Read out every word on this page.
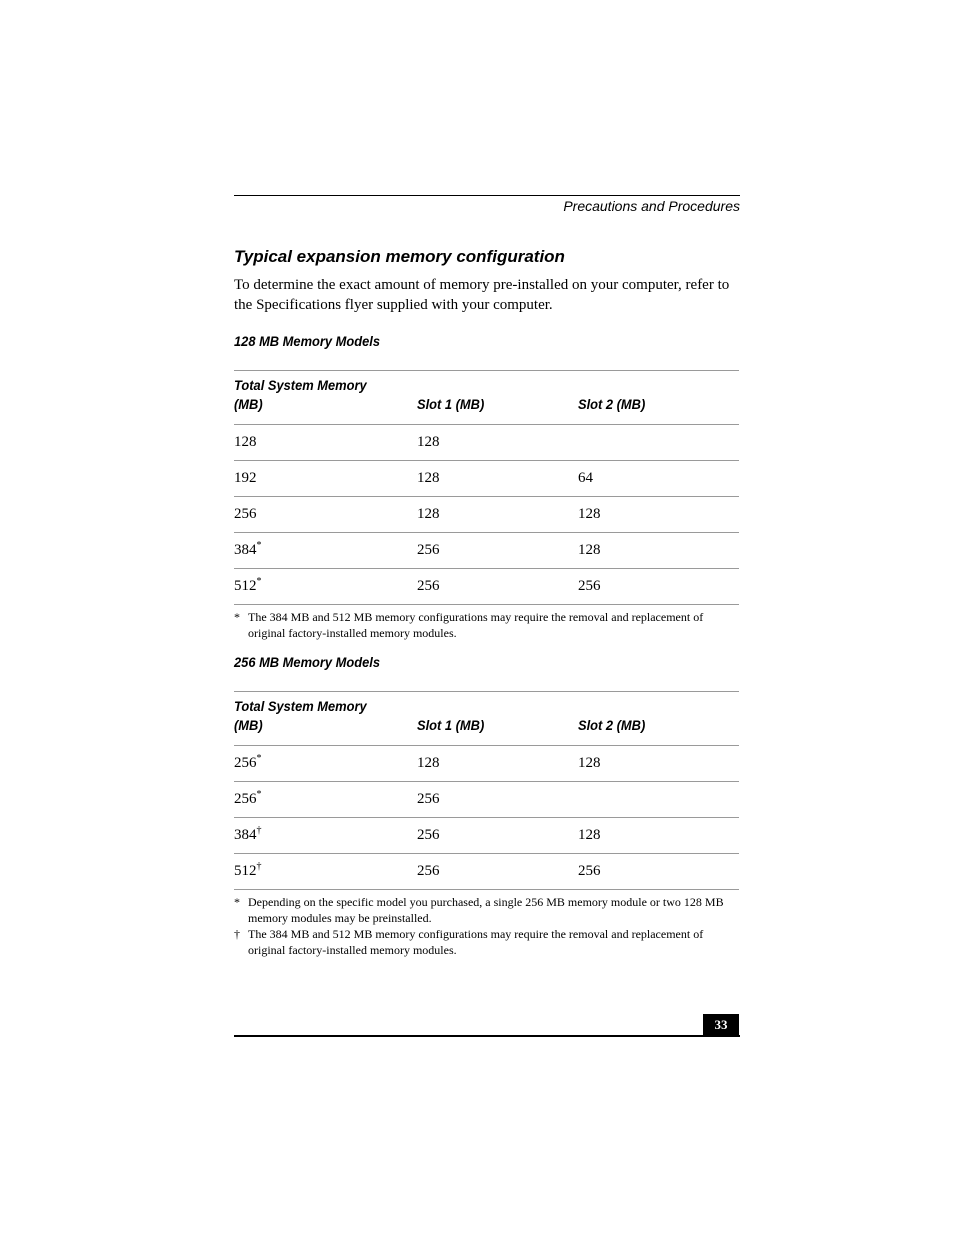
Precautions and Procedures
Typical expansion memory configuration

To determine the exact amount of memory pre-installed on your computer, refer to the Specifications flyer supplied with your computer.

128 MB Memory Models
Total System Memory
(MB)	Slot 1 (MB)	Slot 2 (MB)
128	128
192	128	64
256	128	128
384*	256	128
512*	256	256
* The 384 MB and 512 MB memory configurations may require the removal and replacement of original factory-installed memory modules.
256 MB Memory Models
Total System Memory
(MB)	Slot 1 (MB)	Slot 2 (MB)
256*	128	128
256*	256
384†	256	128
512†	256	256
* Depending on the specific model you purchased, a single 256 MB memory module or two 128 MB memory modules may be preinstalled.
† The 384 MB and 512 MB memory configurations may require the removal and replacement of original factory-installed memory modules.
33
